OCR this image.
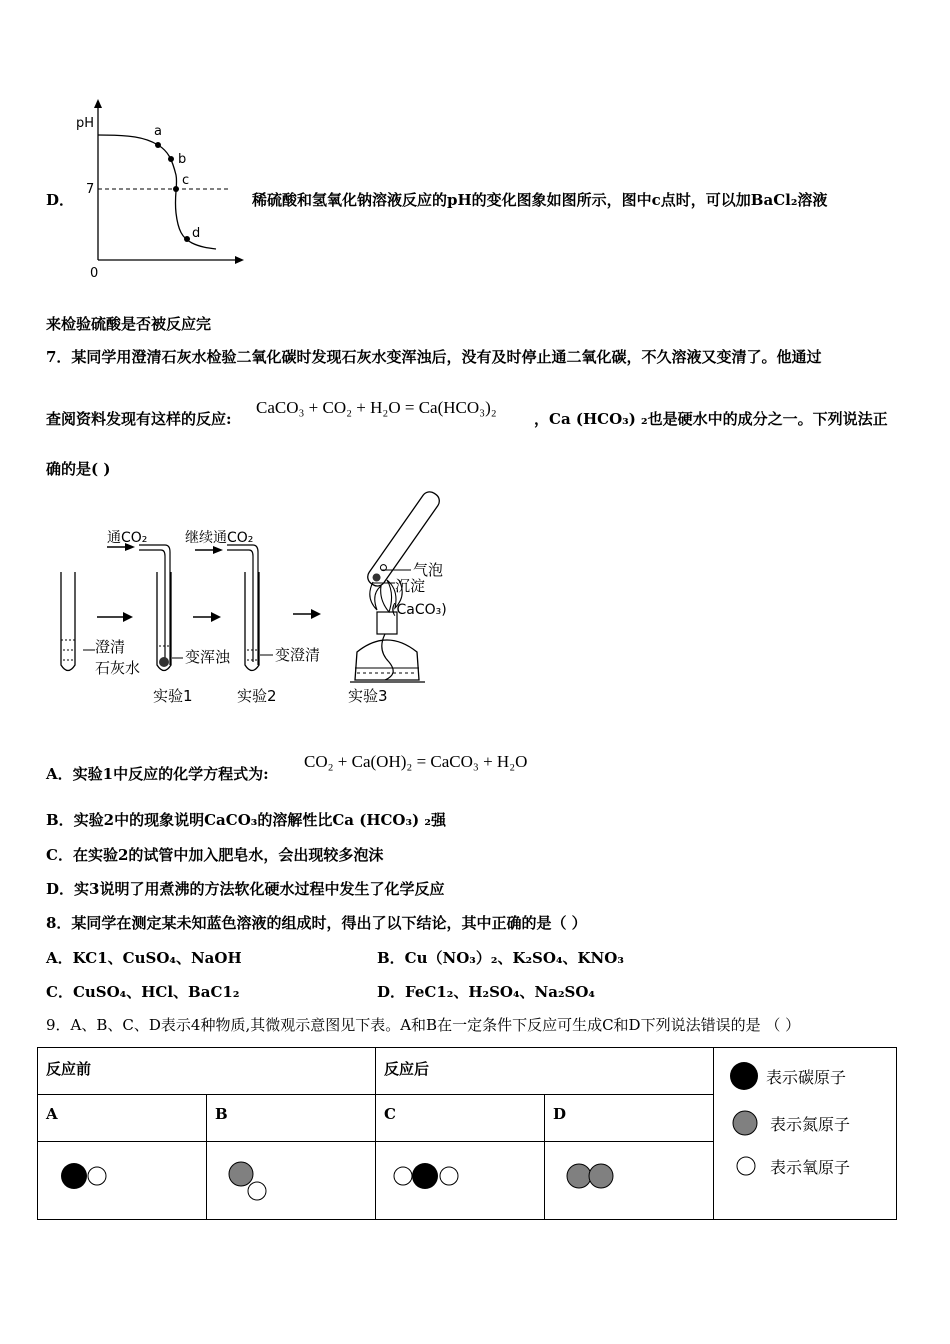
pH
7
0
a
b
c
d
D．	稀硫酸和氢氧化钠溶液反应的pH的变化图象如图所示，图中c点时，可以加BaCl₂溶液
来检验硫酸是否被反应完
7．某同学用澄清石灰水检验二氧化碳时发现石灰水变浑浊后，没有及时停止通二氧化碳，不久溶液又变清了。他通过
查阅资料发现有这样的反应:
CaCO₃ + CO₂ + H₂O = Ca(HCO₃)₂
，Ca (HCO₃) ₂也是硬水中的成分之一。下列说法正
确的是( )
通CO₂	继续通CO₂
气泡
沉淀
(CaCO₃)
澄清
石灰水
变浑浊	变澄清
实验1	实验2	实验3
A．实验1中反应的化学方程式为:
CO₂ + Ca(OH)₂ = CaCO₃ + H₂O
B．实验2中的现象说明CaCO₃的溶解性比Ca (HCO₃) ₂强
C．在实验2的试管中加入肥皂水，会出现较多泡沫
D．实3说明了用煮沸的方法软化硬水过程中发生了化学反应
8．某同学在测定某未知蓝色溶液的组成时，得出了以下结论，其中正确的是（ ）
A．KC1、CuSO₄、NaOH	B．Cu（NO₃）₂、K₂SO₄、KNO₃
C．CuSO₄、HCl、BaC1₂	D．FeC1₂、H₂SO₄、Na₂SO₄
9．A、B、C、D表示4种物质,其微观示意图见下表。A和B在一定条件下反应可生成C和D下列说法错误的是 （ ）
反应前		反应后		表示碳原子
表示氮原子
表示氧原子

A	B	C	D	
